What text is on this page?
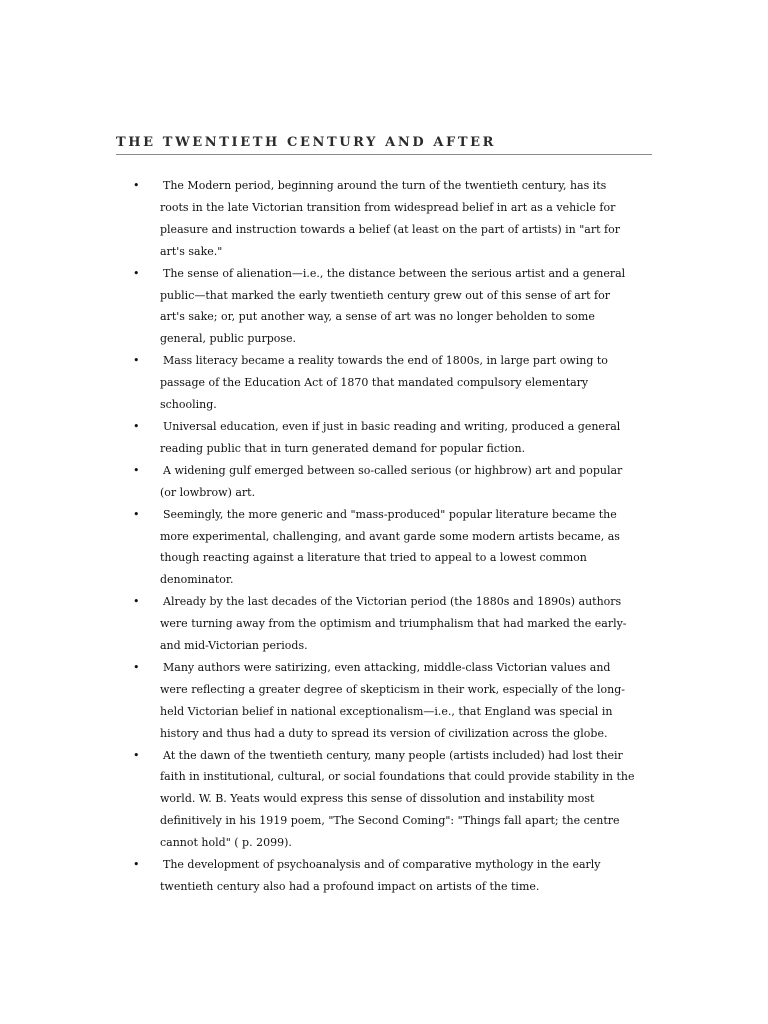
THE TWENTIETH CENTURY AND AFTER
• The Modern period, beginning around the turn of the twentieth century, has its roots in the late Victorian transition from widespread belief in art as a vehicle for pleasure and instruction towards a belief (at least on the part of artists) in "art for art's sake."
• The sense of alienation—i.e., the distance between the serious artist and a general public—that marked the early twentieth century grew out of this sense of art for art's sake; or, put another way, a sense of art was no longer beholden to some general, public purpose.
• Mass literacy became a reality towards the end of 1800s, in large part owing to passage of the Education Act of 1870 that mandated compulsory elementary schooling.
• Universal education, even if just in basic reading and writing, produced a general reading public that in turn generated demand for popular fiction.
• A widening gulf emerged between so-called serious (or highbrow) art and popular (or lowbrow) art.
• Seemingly, the more generic and "mass-produced" popular literature became the more experimental, challenging, and avant garde some modern artists became, as though reacting against a literature that tried to appeal to a lowest common denominator.
• Already by the last decades of the Victorian period (the 1880s and 1890s) authors were turning away from the optimism and triumphalism that had marked the early- and mid-Victorian periods.
• Many authors were satirizing, even attacking, middle-class Victorian values and were reflecting a greater degree of skepticism in their work, especially of the long-held Victorian belief in national exceptionalism—i.e., that England was special in history and thus had a duty to spread its version of civilization across the globe.
• At the dawn of the twentieth century, many people (artists included) had lost their faith in institutional, cultural, or social foundations that could provide stability in the world. W. B. Yeats would express this sense of dissolution and instability most definitively in his 1919 poem, "The Second Coming": "Things fall apart; the centre cannot hold" ( p. 2099).
• The development of psychoanalysis and of comparative mythology in the early twentieth century also had a profound impact on artists of the time.
